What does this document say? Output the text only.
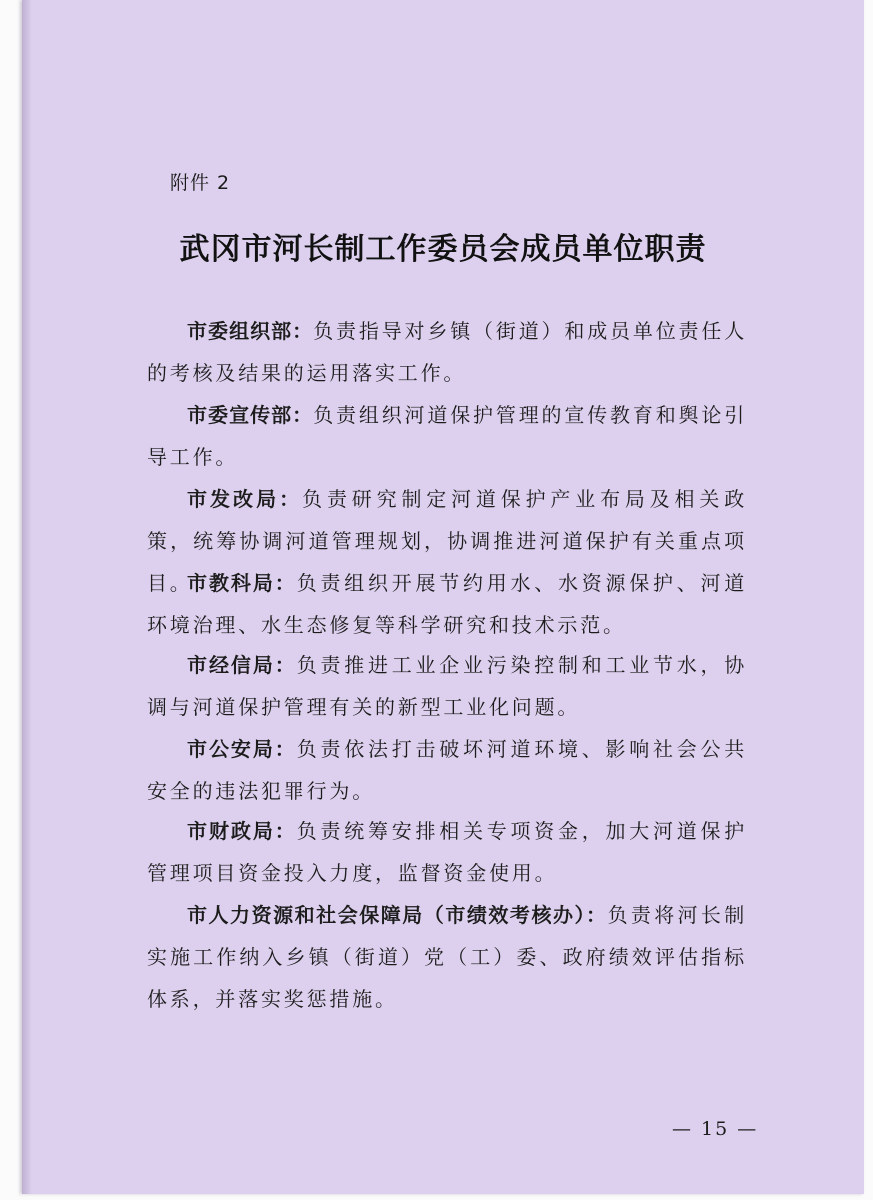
附件 2
武冈市河长制工作委员会成员单位职责

市委组织部：负责指导对乡镇（街道）和成员单位责任人的考核及结果的运用落实工作。

市委宣传部：负责组织河道保护管理的宣传教育和舆论引导工作。

市发改局：负责研究制定河道保护产业布局及相关政策，统筹协调河道管理规划，协调推进河道保护有关重点项目。

市教科局：负责组织开展节约用水、水资源保护、河道环境治理、水生态修复等科学研究和技术示范。

市经信局：负责推进工业企业污染控制和工业节水，协调与河道保护管理有关的新型工业化问题。

市公安局：负责依法打击破坏河道环境、影响社会公共安全的违法犯罪行为。

市财政局：负责统筹安排相关专项资金，加大河道保护管理项目资金投入力度，监督资金使用。

市人力资源和社会保障局（市绩效考核办）：负责将河长制实施工作纳入乡镇（街道）党（工）委、政府绩效评估指标体系，并落实奖惩措施。

— 15 —
